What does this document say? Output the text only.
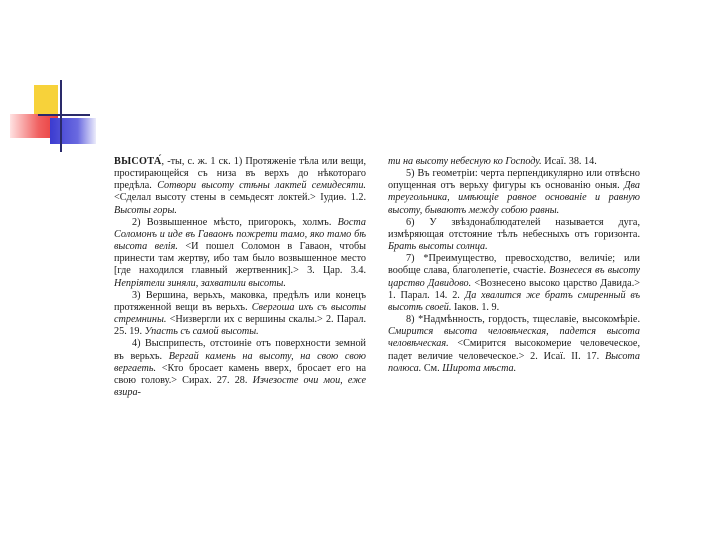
ВЫСОТА́, -ты, с. ж. 1 ск. 1) Протяженіе тѣла или вещи, простирающейся съ низа въ верхъ до нѣкотораго предѣла. Сотвори высоту стѣны лактей семидесяти. <Сделал высоту стены в семьдесят локтей.> Іудиѳ. 1.2. Высоты горы.

2) Возвышенное мѣсто, пригорокъ, холмъ. Воста Соломонъ и иде въ Гаваонъ пожрети тамо, яко тамо бѣ высота велія. <И пошел Соломон в Гаваон, чтобы принести там жертву, ибо там было возвышенное место [где находился главный жертвенник].> 3. Цар. 3.4. Непріятели зиняли, захватили высоты.

3) Вершина, верьхъ, маковка, предѣлъ или конецъ протяженной вещи въ верьхъ. Свергоша ихъ съ высоты стремнины. <Низвергли их с вершины скалы.> 2. Парал. 25. 19. Упасть съ самой высоты.

4) Высприпесть, отстоиніе отъ поверхности земной въ верьхъ. Вергай камень на высоту, на свою свою вергаеть. <Кто бросает камень вверх, бросает его на свою голову.> Сирах. 27. 28. Изчезосте очи мои, еже взира-

ти на высоту небесную ко Господу. Исаї. 38. 14.

5) Въ геометріи: черта перпендикулярно или отвѣсно опущенная отъ верьху фигуры къ основанію оныя. Два треугольника, имѣющіе равное основаніе и равную высоту, бываютъ между собою равны.

6) У звѣздонаблюдателей называется дуга, измѣряющая отстояние тѣлъ небесныхъ отъ горизонта. Брать высоты солнца.

7) *Преимущество, превосходство, величіе; или вообще слава, благолепетіе, счастіе. Вознесеся въ высоту царство Давидово. <Вознесено высоко царство Давида.> 1. Парал. 14. 2. Да хвалится же братъ смиренный въ высотѣ своей. Іаков. 1. 9.

8) *Надмѣнность, гордость, тщеславіе, высокомѣріе. Смирится высота человѣческая, падется высота человѣческая. <Смирится высокомерие человеческое, падет величие человеческое.> 2. Исаї. II. 17. Высота полюса. См. Широта мѣста.
